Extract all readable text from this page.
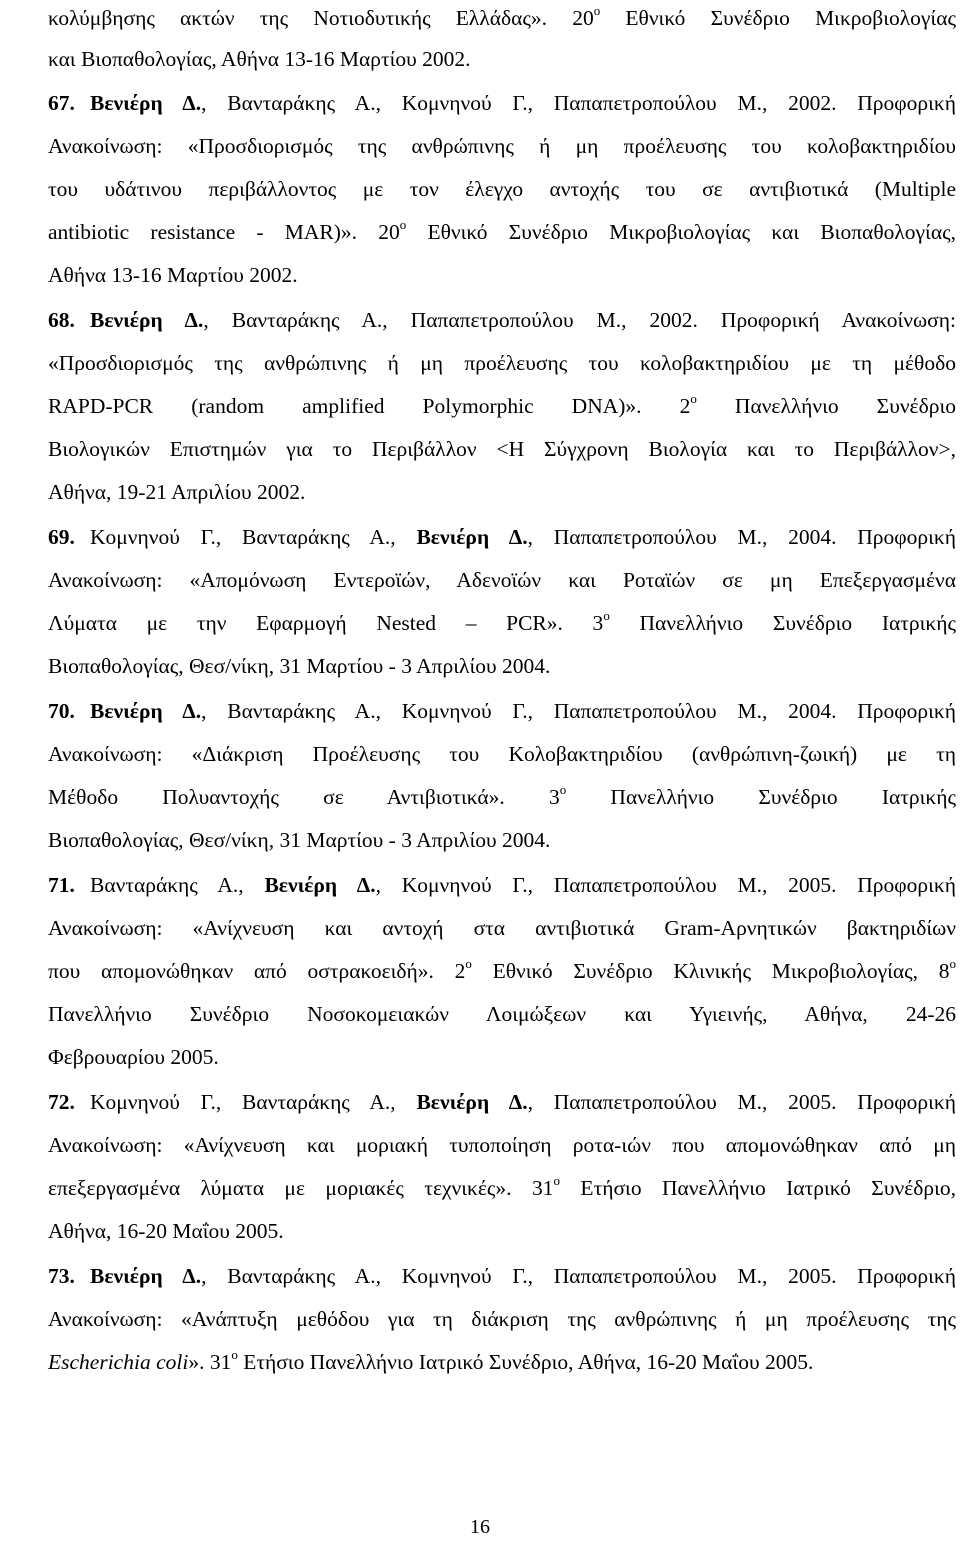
κολύμβησης ακτών της Νοτιοδυτικής Ελλάδας». $20^o$ Εθνικό Συνέδριο Μικροβιολογίας
και Βιοπαθολογίας, Αθήνα 13-16 Μαρτίου 2002.
67. Βενιέρη Δ., Βανταράκης Α., Κομνηνού Γ., Παπαπετροπούλου Μ., 2002. Προφορική
Ανακοίνωση: «Προσδιορισμός της ανθρώπινης ή μη προέλευσης του κολοβακτηριδίου
του υδάτινου περιβάλλοντος με τον έλεγχο αντοχής του σε αντιβιοτικά (Multiple
antibiotic resistance - MAR)». $20^o$ Εθνικό Συνέδριο Μικροβιολογίας και Βιοπαθολογίας,
Αθήνα 13-16 Μαρτίου 2002.
68. Βενιέρη Δ., Βανταράκης Α., Παπαπετροπούλου Μ., 2002. Προφορική Ανακοίνωση:
«Προσδιορισμός της ανθρώπινης ή μη προέλευσης του κολοβακτηριδίου με τη μέθοδο
RAPD-PCR (random amplified Polymorphic DNA)». $2^o$ Πανελλήνιο Συνέδριο
Βιολογικών Επιστημών για το Περιβάλλον <Η Σύγχρονη Βιολογία και το Περιβάλλον>,
Αθήνα, 19-21 Απριλίου 2002.
69. Κομνηνού Γ., Βανταράκης Α., Βενιέρη Δ., Παπαπετροπούλου Μ., 2004. Προφορική
Ανακοίνωση: «Απομόνωση Εντεροϊών, Αδενοϊών και Ροταϊών σε μη Επεξεργασμένα
Λύματα με την Εφαρμογή Nested – PCR». $3^o$ Πανελλήνιο Συνέδριο Ιατρικής
Βιοπαθολογίας, Θεσ/νίκη, 31 Μαρτίου - 3 Απριλίου 2004.
70. Βενιέρη Δ., Βανταράκης Α., Κομνηνού Γ., Παπαπετροπούλου Μ., 2004. Προφορική
Ανακοίνωση: «Διάκριση Προέλευσης του Κολοβακτηριδίου (ανθρώπινη-ζωική) με τη
Μέθοδο Πολυαντοχής σε Αντιβιοτικά». $3^o$ Πανελλήνιο Συνέδριο Ιατρικής
Βιοπαθολογίας, Θεσ/νίκη, 31 Μαρτίου - 3 Απριλίου 2004.
71. Βανταράκης Α., Βενιέρη Δ., Κομνηνού Γ., Παπαπετροπούλου Μ., 2005. Προφορική
Ανακοίνωση: «Ανίχνευση και αντοχή στα αντιβιοτικά Gram-Αρνητικών βακτηριδίων
που απομονώθηκαν από οστρακοειδή». $2^o$ Εθνικό Συνέδριο Κλινικής Μικροβιολογίας, $8^o$
Πανελλήνιο Συνέδριο Νοσοκομειακών Λοιμώξεων και Υγιεινής, Αθήνα, 24-26
Φεβρουαρίου 2005.
72. Κομνηνού Γ., Βανταράκης Α., Βενιέρη Δ., Παπαπετροπούλου Μ., 2005. Προφορική
Ανακοίνωση: «Ανίχνευση και μοριακή τυποποίηση ροτα-ιών που απομονώθηκαν από μη
επεξεργασμένα λύματα με μοριακές τεχνικές». $31^o$ Ετήσιο Πανελλήνιο Ιατρικό Συνέδριο,
Αθήνα, 16-20 Μαΐου 2005.
73. Βενιέρη Δ., Βανταράκης Α., Κομνηνού Γ., Παπαπετροπούλου Μ., 2005. Προφορική
Ανακοίνωση: «Ανάπτυξη μεθόδου για τη διάκριση της ανθρώπινης ή μη προέλευσης της
Escherichia coli». $31^o$ Ετήσιο Πανελλήνιο Ιατρικό Συνέδριο, Αθήνα, 16-20 Μαΐου 2005.
16
